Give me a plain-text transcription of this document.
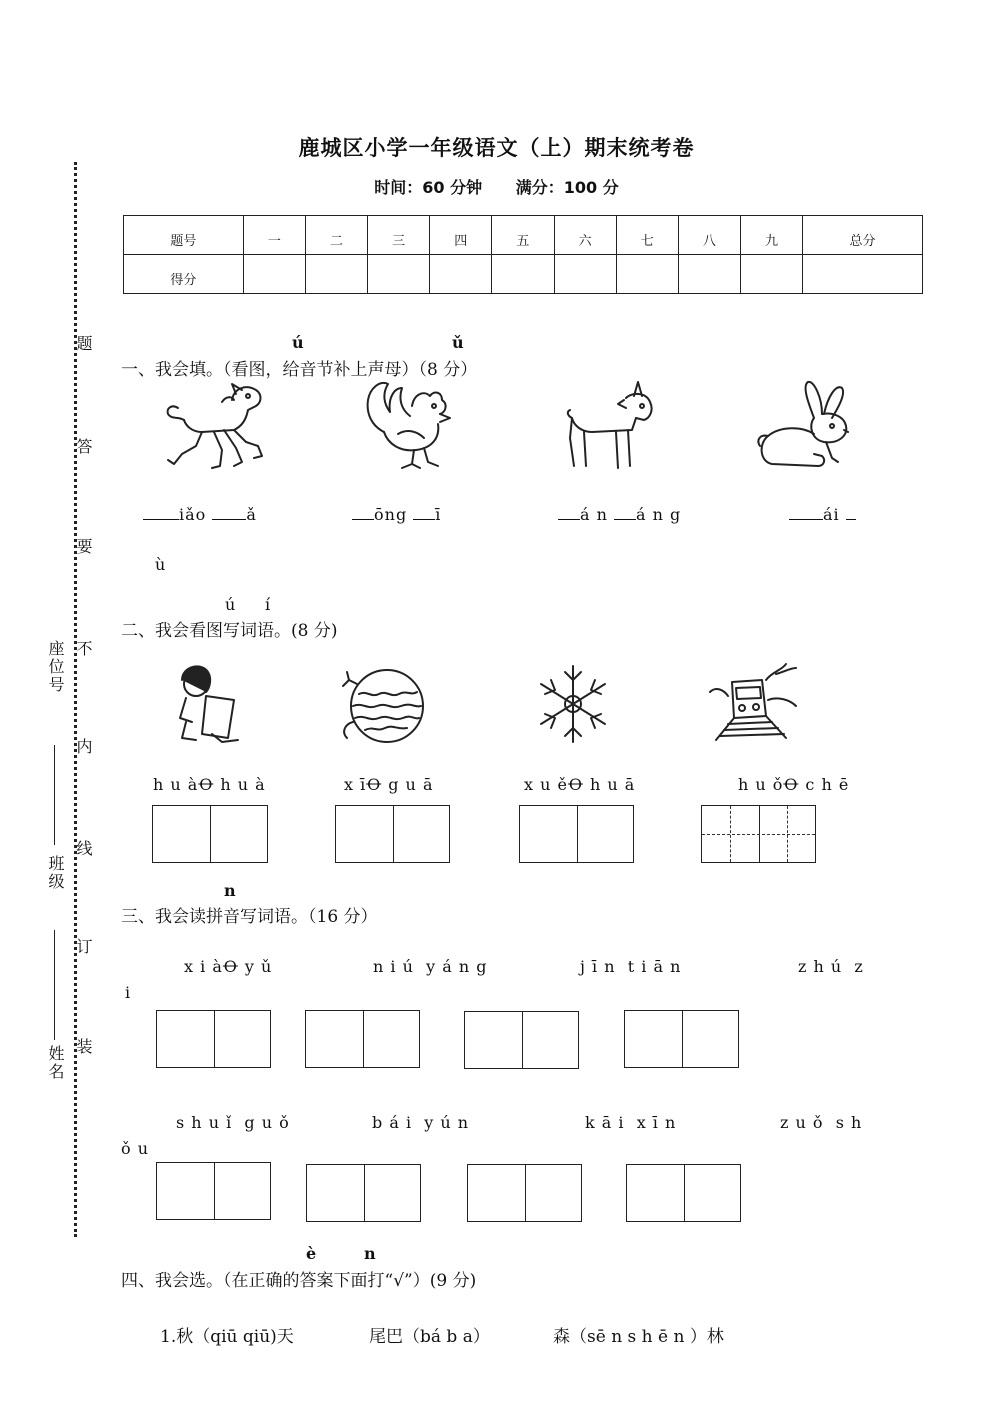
题
答
要
不
内
线
订
装
座位号
班级
姓名
鹿城区小学一年级语文（上）期末统考卷
时间：60 分钟 满分：100 分
题号	一	二	三	四	五	六	七	八	九	总分
得分										
ú	ǔ
一、我会填。（看图，给音节补上声母）（8 分）
iǎo	ǎ	ōng ī	á n á n g	ái
ù
ú í
二、我会看图写词语。(8 分)
h u àꝊ h u à	x īꝊ g u ā	x u ěꝊ h u ā	h u ǒꝊ c h ē
n
三、我会读拼音写词语。（16 分）
x i àꝊ y ǔ	n i ú  y á n g	j ī n  t i ā n	z h ú  z
i
s h u ǐ  g u ǒ	b á i  y ú n	k ā i  x ī n	z u ǒ  s h
ǒ u
è	n
四、我会选。（在正确的答案下面打“√”）(9 分)
1.秋（qiū qiū)天	尾巴（bá b a）	森（sē n s h ē n ）林
